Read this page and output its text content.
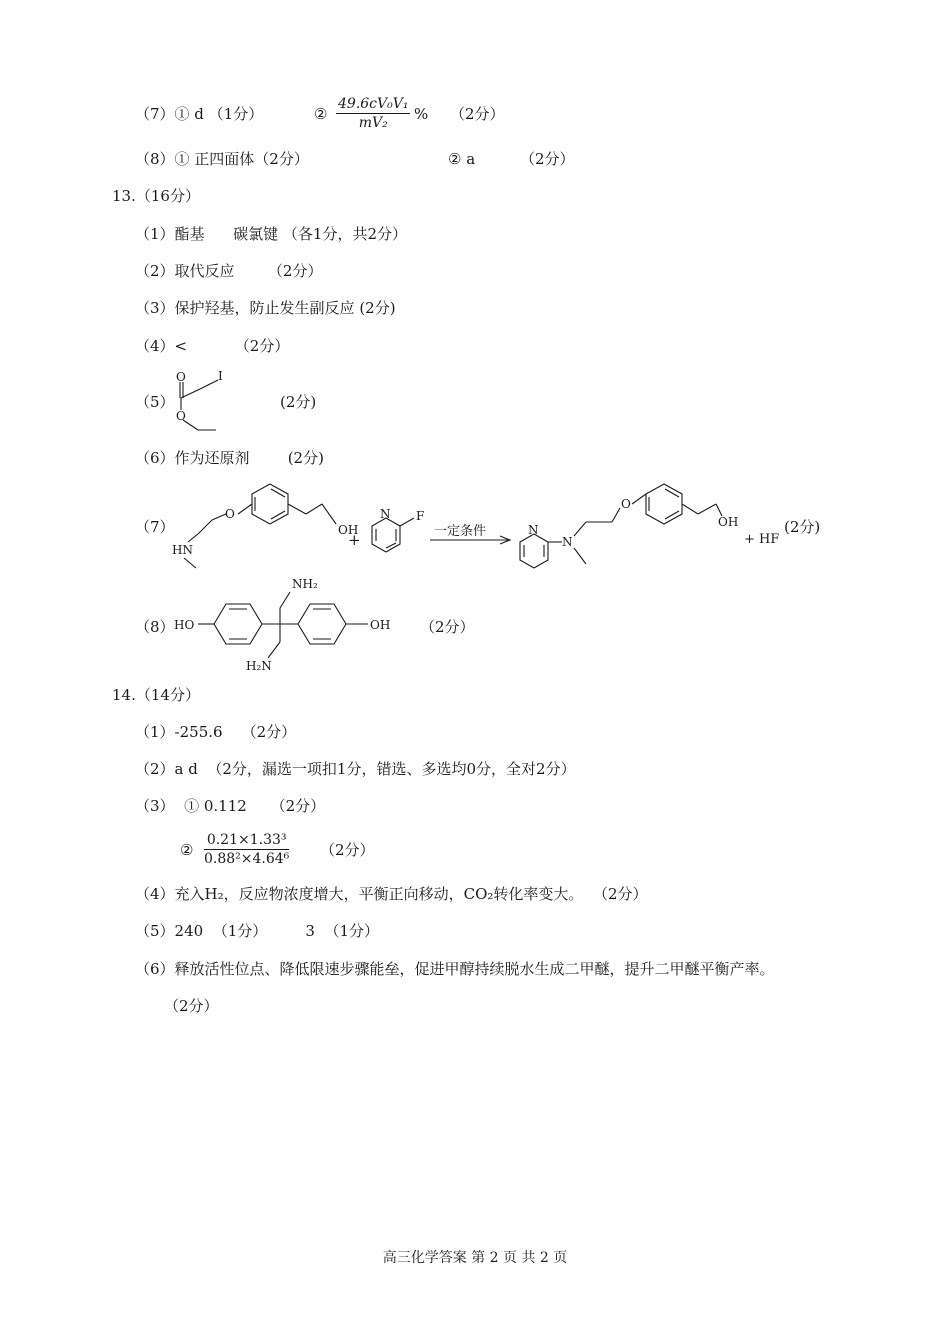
（7）① d （1分）	② $\frac{\text{49.6cV₀V₁}}{\text{mV₂}}$ % （2分）
（8）① 正四面体（2分）	② a	（2分）
13.（16分）
（1）酯基      碳氯键 （各1分，共2分）
（2）取代反应       （2分）
（3）保护羟基，防止发生副反应 (2分)
（4）<          （2分）
（5）
O	I
O
(2分)
（6）作为还原剂        (2分)
（7）	OH
O
HN
+
N F
一定条件	N
N
O
OH
+ HF
(2分)
（8） HO
NH₂
H₂N
OH （2分）
14.（14分）
（1）-255.6    （2分）
（2）a d  （2分，漏选一项扣1分，错选、多选均0分，全对2分）
（3）  ① 0.112     （2分）
② $\frac{\text{0.21×1.33³}}{\text{0.88²×4.64⁶}} (2$分）
（4）充入H₂，反应物浓度增大，平衡正向移动，CO₂转化率变大。  （2分）
（5）240  （1分）        3  （1分）
（6）释放活性位点、降低限速步骤能垒，促进甲醇持续脱水生成二甲醚，提升二甲醚平衡产率。
（2分）
高三化学答案 第 2 页 共 2 页
